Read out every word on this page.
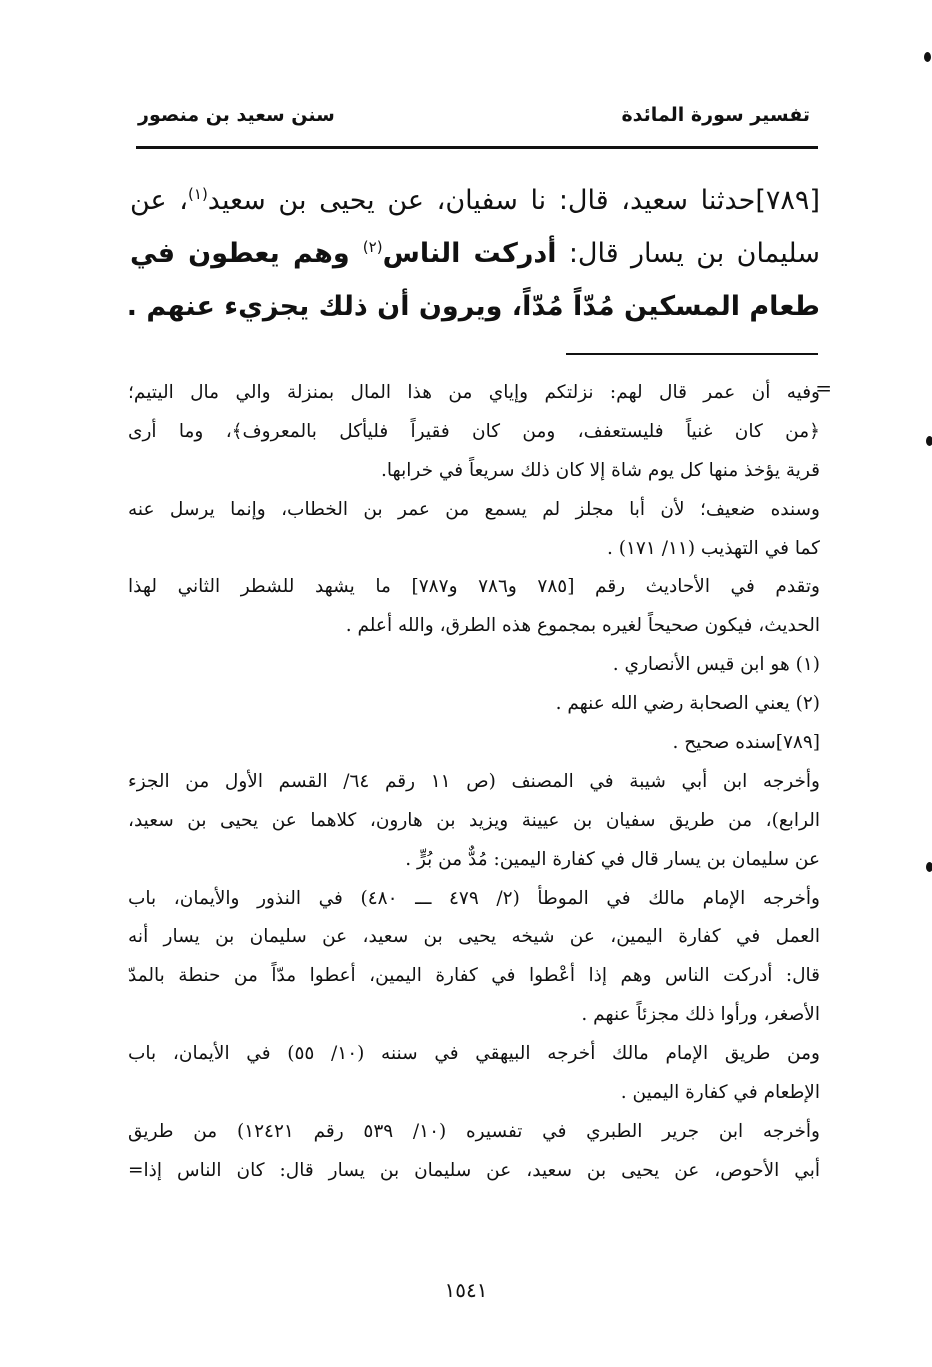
تفسير سورة المائدة
سنن سعيد بن منصور
[٧٨٩]حدثنا سعيد، قال: نا سفيان، عن يحيى بن سعيد$^{(١)}$، عن
سليمان بن يسار قال: أدركت الناس$^{(٢)}$ وهم يعطون في
طعام المسكين مُدّاً مُدّاً، ويرون أن ذلك يجزيء عنهم .
=
وفيه أن عمر قال لهم: نزلتكم وإياي من هذا المال بمنزلة والي مال اليتيم؛
﴿من كان غنياً فليستعفف، ومن كان فقيراً فليأكل بالمعروف﴾، وما أرى
قرية يؤخذ منها كل يوم شاة إلا كان ذلك سريعاً في خرابها.
وسنده ضعيف؛ لأن أبا مجلز لم يسمع من عمر بن الخطاب، وإنما يرسل عنه
كما في التهذيب (١١/ ١٧١) .
وتقدم في الأحاديث رقم [٧٨٥ و٧٨٦ و٧٨٧] ما يشهد للشطر الثاني لهذا
الحديث، فيكون صحيحاً لغيره بمجموع هذه الطرق، والله أعلم .
(١) هو ابن قيس الأنصاري .
(٢) يعني الصحابة رضي الله عنهم .
[٧٨٩]سنده صحيح .
وأخرجه ابن أبي شيبة في المصنف (ص ١١ رقم ٦٤/ القسم الأول من الجزء
الرابع)، من طريق سفيان بن عيينة ويزيد بن هارون، كلاهما عن يحيى بن سعيد،
عن سليمان بن يسار قال في كفارة اليمين: مُدٌّ من بُرٍّ .
وأخرجه الإمام مالك في الموطأ (٢/ ٤٧٩ ـــ ٤٨٠) في النذور والأيمان، باب
العمل في كفارة اليمين، عن شيخه يحيى بن سعيد، عن سليمان بن يسار أنه
قال: أدركت الناس وهم إذا أعْطوا في كفارة اليمين، أعطوا مدّاً من حنطة بالمدّ
الأصغر، ورأوا ذلك مجزئاً عنهم .
ومن طريق الإمام مالك أخرجه البيهقي في سننه (١٠/ ٥٥) في الأيمان، باب
الإطعام في كفارة اليمين .
وأخرجه ابن جرير الطبري في تفسيره (١٠/ ٥٣٩ رقم ١٢٤٢١) من طريق
أبي الأحوص، عن يحيى بن سعيد، عن سليمان بن يسار قال: كان الناس إذا=
١٥٤١
